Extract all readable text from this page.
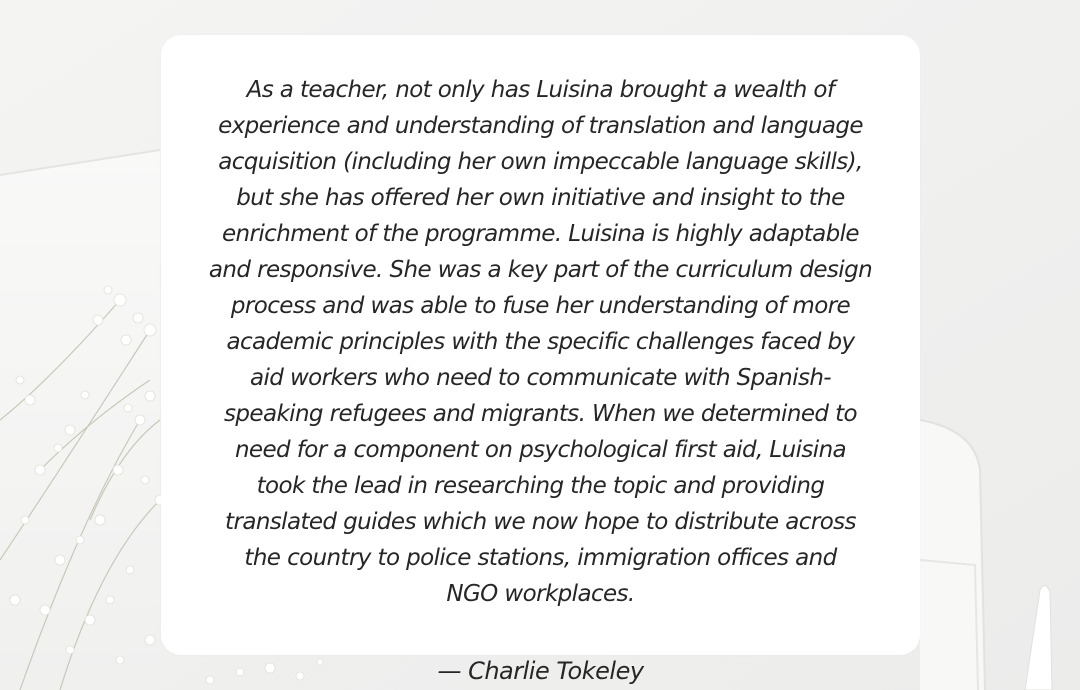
As a teacher, not only has Luisina brought a wealth of
experience and understanding of translation and language
acquisition (including her own impeccable language skills),
but she has offered her own initiative and insight to the
enrichment of the programme. Luisina is highly adaptable
and responsive. She was a key part of the curriculum design
process and was able to fuse her understanding of more
academic principles with the specific challenges faced by
aid workers who need to communicate with Spanish-
speaking refugees and migrants. When we determined to
need for a component on psychological first aid, Luisina
took the lead in researching the topic and providing
translated guides which we now hope to distribute across
the country to police stations, immigration offices and
NGO workplaces.

— Charlie Tokeley
